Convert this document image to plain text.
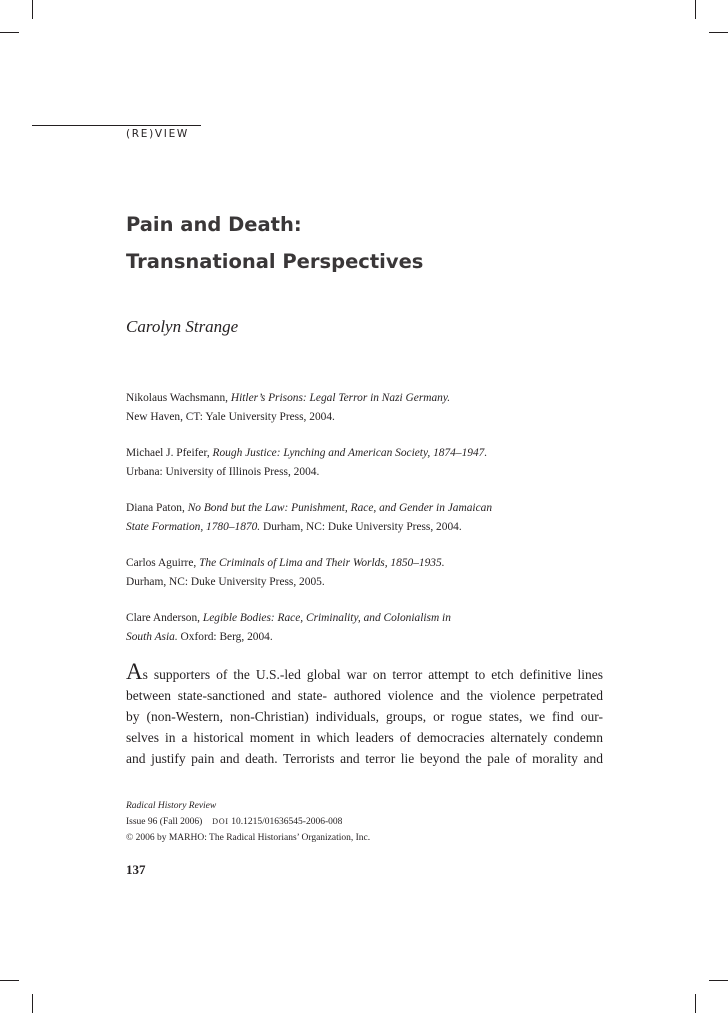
(RE)VIEW
Pain and Death:
Transnational Perspectives
Carolyn Strange

Nikolaus Wachsmann, Hitler’s Prisons: Legal Terror in Nazi Germany.
New Haven, CT: Yale University Press, 2004.

Michael J. Pfeifer, Rough Justice: Lynching and American Society, 1874–1947.
Urbana: University of Illinois Press, 2004.

Diana Paton, No Bond but the Law: Punishment, Race, and Gender in Jamaican
State Formation, 1780–1870. Durham, NC: Duke University Press, 2004.

Carlos Aguirre, The Criminals of Lima and Their Worlds, 1850–1935.
Durham, NC: Duke University Press, 2005.

Clare Anderson, Legible Bodies: Race, Criminality, and Colonialism in
South Asia. Oxford: Berg, 2004.

As supporters of the U.S.-led global war on terror attempt to etch definitive lines
between state-sanctioned and state- authored violence and the violence perpetrated
by (non-Western, non-Christian) individuals, groups, or rogue states, we find our-
selves in a historical moment in which leaders of democracies alternately condemn
and justify pain and death. Terrorists and terror lie beyond the pale of morality and
Radical History Review
Issue 96 (Fall 2006) DOI 10.1215/01636545-2006-008
© 2006 by MARHO: The Radical Historians’ Organization, Inc.
137
